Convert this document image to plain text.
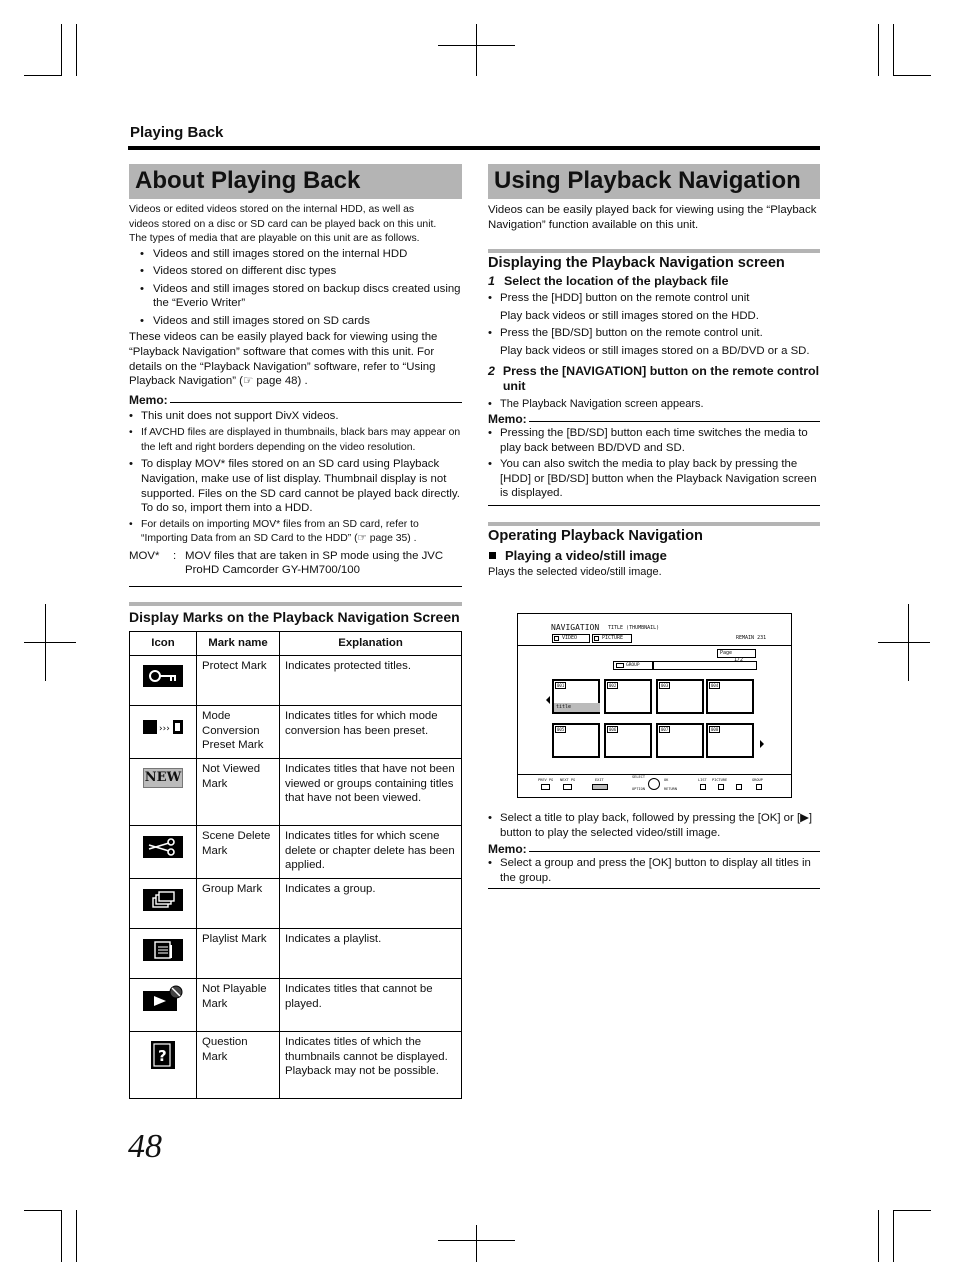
Playing Back
About Playing Back
Videos or edited videos stored on the internal HDD, as well as
videos stored on a disc or SD card can be played back on this unit.
The types of media that are playable on this unit are as follows.
• Videos and still images stored on the internal HDD
• Videos stored on different disc types
• Videos and still images stored on backup discs created using the “Everio Writer”
• Videos and still images stored on SD cards
These videos can be easily played back for viewing using the “Playback Navigation” software that comes with this unit. For details on the “Playback Navigation” software, refer to “Using Playback Navigation” (☞ page 48) .
Memo:
• This unit does not support DivX videos.
• If AVCHD files are displayed in thumbnails, black bars may appear on the left and right borders depending on the video resolution.
• To display MOV* files stored on an SD card using Playback Navigation, make use of list display. Thumbnail display is not supported. Files on the SD card cannot be played back directly. To do so, import them into a HDD.
• For details on importing MOV* files from an SD card, refer to “Importing Data from an SD Card to the HDD” (☞ page 35) .
MOV*	: MOV files that are taken in SP mode using the JVC ProHD Camcorder GY-HM700/100
Display Marks on the Playback Navigation Screen
Icon	Mark name	Explanation

	Protect Mark	Indicates protected titles.

›››	Mode Conversion Preset Mark	Indicates titles for which mode conversion has been preset.

NEW	Not Viewed Mark	Indicates titles that have not been viewed or groups containing titles that have not been viewed.

	Scene Delete Mark	Indicates titles for which scene delete or chapter delete has been applied.

	Group Mark	Indicates a group.

	Playlist Mark	Indicates a playlist.

	Not Playable Mark	Indicates titles that cannot be played.

?	Question Mark	Indicates titles of which the thumbnails cannot be displayed. Playback may not be possible.
Using Playback Navigation
Videos can be easily played back for viewing using the “Playback Navigation” function available on this unit.
Displaying the Playback Navigation screen
1 Select the location of the playback file
• Press the [HDD] button on the remote control unit
Play back videos or still images stored on the HDD.
• Press the [BD/SD] button on the remote control unit.
Play back videos or still images stored on a BD/DVD or a SD.
2 Press the [NAVIGATION] button on the remote control unit
• The Playback Navigation screen appears.
Memo:
• Pressing the [BD/SD] button each time switches the media to play back between BD/DVD and SD.
• You can also switch the media to play back by pressing the [HDD] or [BD/SD] button when the Playback Navigation screen is displayed.
Operating Playback Navigation
Playing a video/still image
Plays the selected video/still image.
NAVIGATION TITLE (THUMBNAIL)
VIDEO	PICTURE	REMAIN 231
Page 1/2
GROUP
001
title
002	003	004
005	006	007	008
PREV PG NEXT PG	EXIT
SELECT
OK	LIST PICTURE	GROUP
OPTION	RETURN
• Select a title to play back, followed by pressing the [OK] or [▶] button to play the selected video/still image.
Memo:
• Select a group and press the [OK] button to display all titles in the group.
48
